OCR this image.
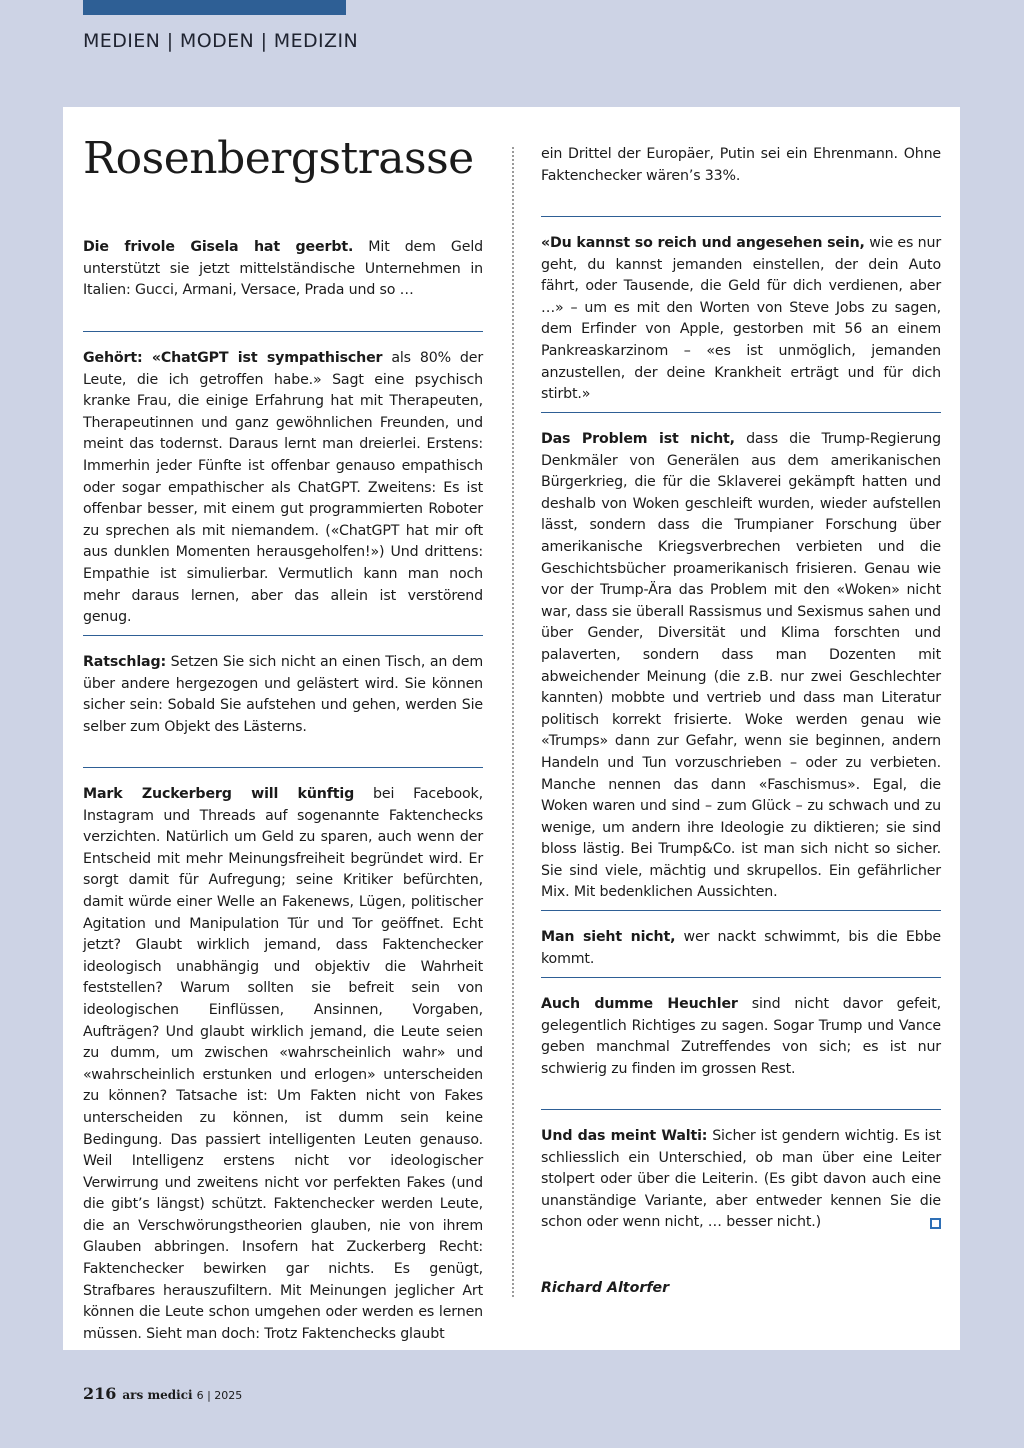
MEDIEN | MODEN | MEDIZIN
Rosenbergstrasse
Die frivole Gisela hat geerbt. Mit dem Geld unterstützt sie jetzt mittelständische Unternehmen in Italien: Gucci, Armani, Versace, Prada und so …
Gehört: «ChatGPT ist sympathischer als 80% der Leute, die ich getroffen habe.» Sagt eine psychisch kranke Frau, die einige Erfahrung hat mit Therapeuten, Therapeutinnen und ganz gewöhnlichen Freunden, und meint das todernst. Daraus lernt man dreierlei. Erstens: Immerhin jeder Fünfte ist offenbar genauso empathisch oder sogar empathischer als ChatGPT. Zweitens: Es ist offenbar besser, mit einem gut programmierten Roboter zu sprechen als mit niemandem. («ChatGPT hat mir oft aus dunklen Momenten herausgeholfen!») Und drittens: Empathie ist simulierbar. Vermutlich kann man noch mehr daraus lernen, aber das allein ist verstörend genug.
Ratschlag: Setzen Sie sich nicht an einen Tisch, an dem über andere hergezogen und gelästert wird. Sie können sicher sein: Sobald Sie aufstehen und gehen, werden Sie selber zum Objekt des Lästerns.
Mark Zuckerberg will künftig bei Facebook, Instagram und Threads auf sogenannte Faktenchecks verzichten. Natürlich um Geld zu sparen, auch wenn der Entscheid mit mehr Meinungsfreiheit begründet wird. Er sorgt damit für Aufregung; seine Kritiker befürchten, damit würde einer Welle an Fakenews, Lügen, politischer Agitation und Manipulation Tür und Tor geöffnet. Echt jetzt? Glaubt wirklich jemand, dass Faktenchecker ideologisch unabhängig und objektiv die Wahrheit feststellen? Warum sollten sie befreit sein von ideologischen Einflüssen, Ansinnen, Vorgaben, Aufträgen? Und glaubt wirklich jemand, die Leute seien zu dumm, um zwischen «wahrscheinlich wahr» und «wahrscheinlich erstunken und erlogen» unterscheiden zu können? Tatsache ist: Um Fakten nicht von Fakes unterscheiden zu können, ist dumm sein keine Bedingung. Das passiert intelligenten Leuten genauso. Weil Intelligenz erstens nicht vor ideologischer Verwirrung und zweitens nicht vor perfekten Fakes (und die gibt’s längst) schützt. Faktenchecker werden Leute, die an Verschwörungstheorien glauben, nie von ihrem Glauben abbringen. Insofern hat Zuckerberg Recht: Faktenchecker bewirken gar nichts. Es genügt, Strafbares herauszufiltern. Mit Meinungen jeglicher Art können die Leute schon umgehen oder werden es lernen müssen. Sieht man doch: Trotz Faktenchecks glaubt
ein Drittel der Europäer, Putin sei ein Ehrenmann. Ohne Faktenchecker wären’s 33%.
«Du kannst so reich und angesehen sein, wie es nur geht, du kannst jemanden einstellen, der dein Auto fährt, oder Tausende, die Geld für dich verdienen, aber …» – um es mit den Worten von Steve Jobs zu sagen, dem Erfinder von Apple, gestorben mit 56 an einem Pankreaskarzinom – «es ist unmöglich, jemanden anzustellen, der deine Krankheit erträgt und für dich stirbt.»
Das Problem ist nicht, dass die Trump-Regierung Denkmäler von Generälen aus dem amerikanischen Bürgerkrieg, die für die Sklaverei gekämpft hatten und deshalb von Woken geschleift wurden, wieder aufstellen lässt, sondern dass die Trumpianer Forschung über amerikanische Kriegsverbrechen verbieten und die Geschichtsbücher proamerikanisch frisieren. Genau wie vor der Trump-Ära das Problem mit den «Woken» nicht war, dass sie überall Rassismus und Sexismus sahen und über Gender, Diversität und Klima forschten und palaverten, sondern dass man Dozenten mit abweichender Meinung (die z.B. nur zwei Geschlechter kannten) mobbte und vertrieb und dass man Literatur politisch korrekt frisierte. Woke werden genau wie «Trumps» dann zur Gefahr, wenn sie beginnen, andern Handeln und Tun vorzuschrieben – oder zu verbieten. Manche nennen das dann «Faschismus». Egal, die Woken waren und sind – zum Glück – zu schwach und zu wenige, um andern ihre Ideologie zu diktieren; sie sind bloss lästig. Bei Trump&Co. ist man sich nicht so sicher. Sie sind viele, mächtig und skrupellos. Ein gefährlicher Mix. Mit bedenklichen Aussichten.
Man sieht nicht, wer nackt schwimmt, bis die Ebbe kommt.
Auch dumme Heuchler sind nicht davor gefeit, gelegentlich Richtiges zu sagen. Sogar Trump und Vance geben manchmal Zutreffendes von sich; es ist nur schwierig zu finden im grossen Rest.
Und das meint Walti: Sicher ist gendern wichtig. Es ist schliesslich ein Unterschied, ob man über eine Leiter stolpert oder über die Leiterin. (Es gibt davon auch eine unanständige Variante, aber entweder kennen Sie die schon oder wenn nicht, … besser nicht.)
Richard Altorfer
216 ars medici 6 | 2025
